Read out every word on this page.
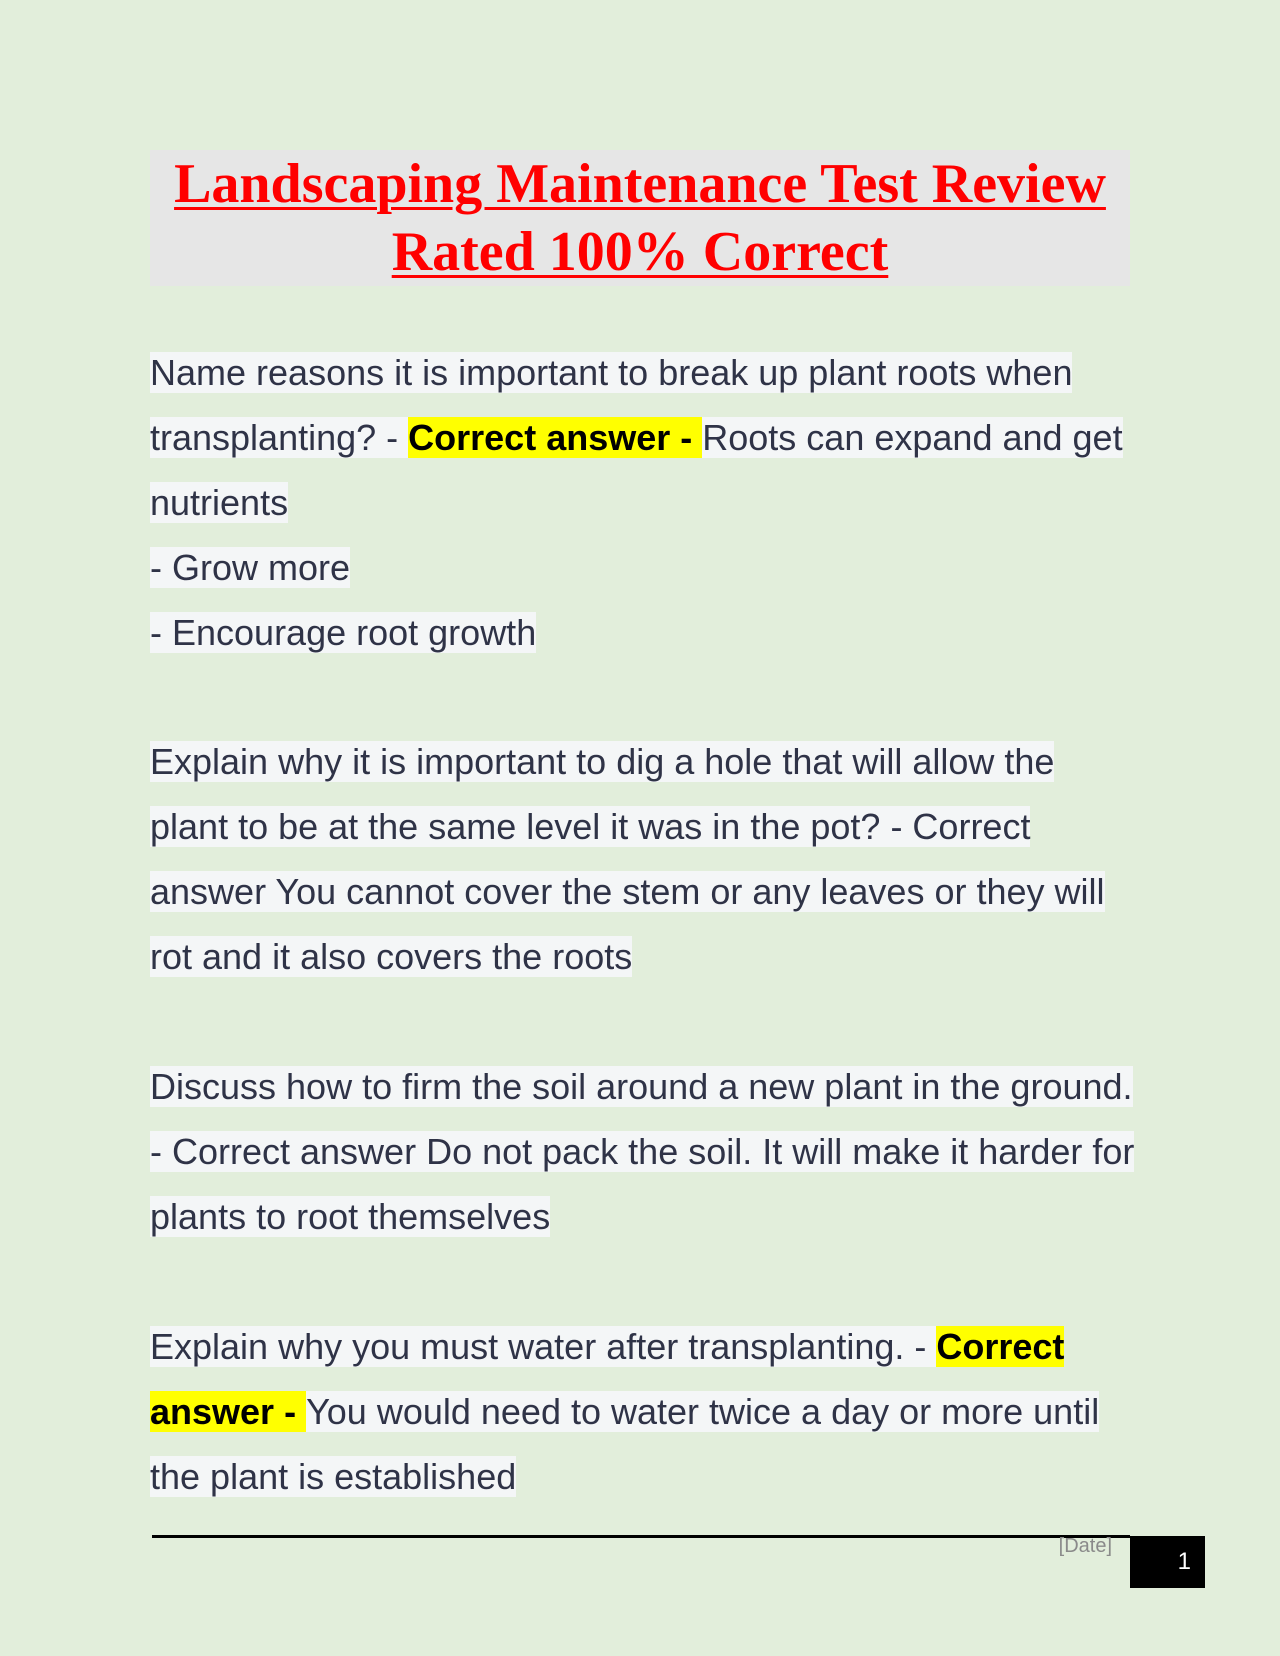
Landscaping Maintenance Test Review
Rated 100% Correct
Name reasons it is important to break up plant roots when transplanting? - Correct answer - Roots can expand and get nutrients
- Grow more
- Encourage root growth
Explain why it is important to dig a hole that will allow the plant to be at the same level it was in the pot? - Correct answer You cannot cover the stem or any leaves or they will rot and it also covers the roots
Discuss how to firm the soil around a new plant in the ground. - Correct answer Do not pack the soil. It will make it harder for plants to root themselves
Explain why you must water after transplanting. - Correct answer - You would need to water twice a day or more until the plant is established
[Date]
1
